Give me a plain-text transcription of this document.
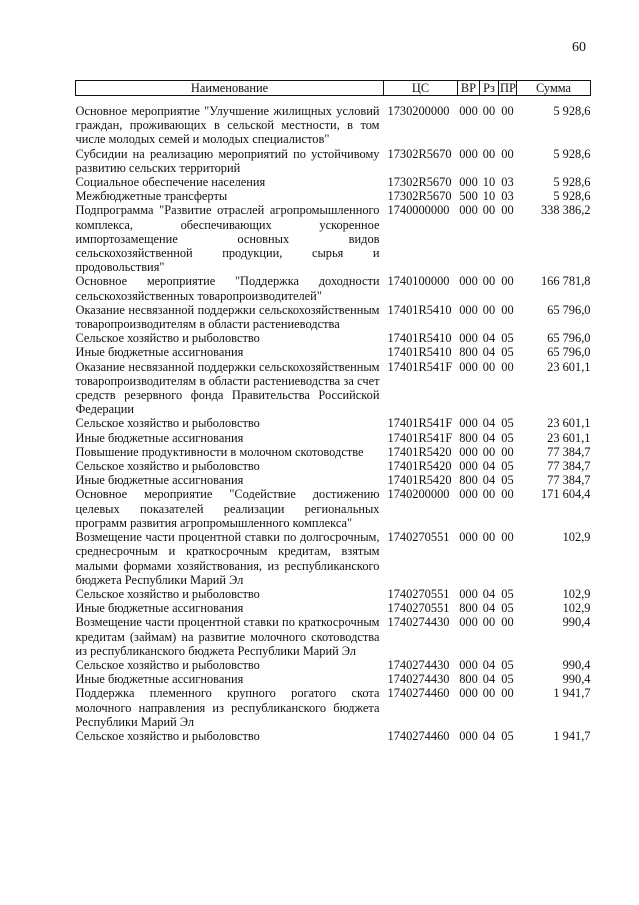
60
Наименование	ЦС	ВР	Рз	ПР	Сумма
Основное мероприятие "Улучшение жилищных условий граждан, проживающих в сельской местности, в том числе молодых семей и молодых специалистов"	1730200000	000	00	00	5 928,6
Субсидии на реализацию мероприятий по устойчивому развитию сельских территорий	17302R5670	000	00	00	5 928,6
Социальное обеспечение населения	17302R5670	000	10	03	5 928,6
Межбюджетные трансферты	17302R5670	500	10	03	5 928,6
Подпрограмма "Развитие отраслей агропромышленного комплекса, обеспечивающих ускоренное импортозамещение основных видов сельскохозяйственной продукции, сырья и продовольствия"	1740000000	000	00	00	338 386,2
Основное мероприятие "Поддержка доходности сельскохозяйственных товаропроизводителей"	1740100000	000	00	00	166 781,8
Оказание несвязанной поддержки сельскохозяйственным товаропроизводителям в области растениеводства	17401R5410	000	00	00	65 796,0
Сельское хозяйство и рыболовство	17401R5410	000	04	05	65 796,0
Иные бюджетные ассигнования	17401R5410	800	04	05	65 796,0
Оказание несвязанной поддержки сельскохозяйственным товаропроизводителям в области растениеводства за счет средств резервного фонда Правительства Российской Федерации	17401R541F	000	00	00	23 601,1
Сельское хозяйство и рыболовство	17401R541F	000	04	05	23 601,1
Иные бюджетные ассигнования	17401R541F	800	04	05	23 601,1
Повышение продуктивности в молочном скотоводстве	17401R5420	000	00	00	77 384,7
Сельское хозяйство и рыболовство	17401R5420	000	04	05	77 384,7
Иные бюджетные ассигнования	17401R5420	800	04	05	77 384,7
Основное мероприятие "Содействие достижению целевых показателей реализации региональных программ развития агропромышленного комплекса"	1740200000	000	00	00	171 604,4
Возмещение части процентной ставки по долгосрочным, среднесрочным и краткосрочным кредитам, взятым малыми формами хозяйствования, из республиканского бюджета Республики Марий Эл	1740270551	000	00	00	102,9
Сельское хозяйство и рыболовство	1740270551	000	04	05	102,9
Иные бюджетные ассигнования	1740270551	800	04	05	102,9
Возмещение части процентной ставки по краткосрочным кредитам (займам) на развитие молочного скотоводства из республиканского бюджета Республики Марий Эл	1740274430	000	00	00	990,4
Сельское хозяйство и рыболовство	1740274430	000	04	05	990,4
Иные бюджетные ассигнования	1740274430	800	04	05	990,4
Поддержка племенного крупного рогатого скота молочного направления из республиканского бюджета Республики Марий Эл	1740274460	000	00	00	1 941,7
Сельское хозяйство и рыболовство	1740274460	000	04	05	1 941,7
